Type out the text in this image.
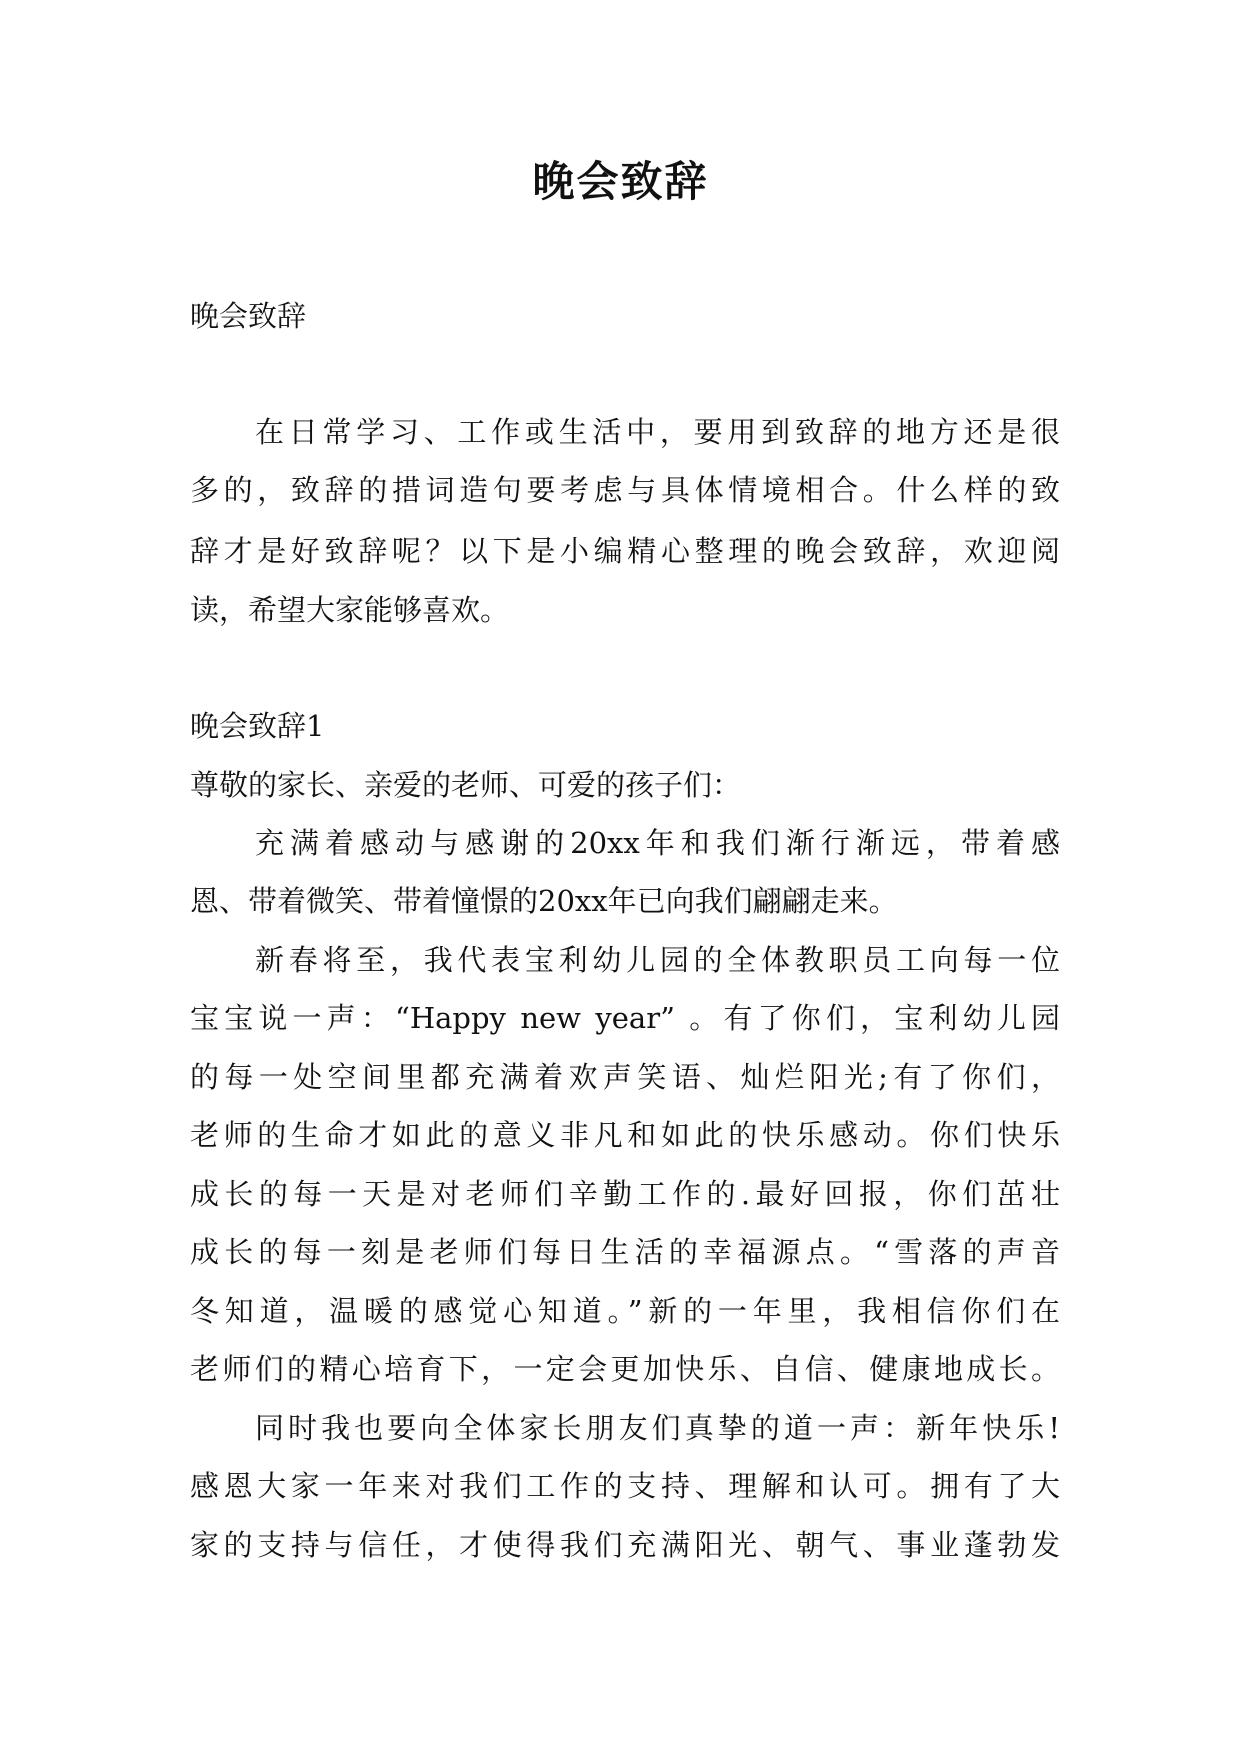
晚会致辞
晚会致辞
在日常学习、工作或生活中，要用到致辞的地方还是很
多的，致辞的措词造句要考虑与具体情境相合。什么样的致
辞才是好致辞呢？以下是小编精心整理的晚会致辞，欢迎阅
读，希望大家能够喜欢。
晚会致辞1
尊敬的家长、亲爱的老师、可爱的孩子们：
充满着感动与感谢的20xx年和我们渐行渐远，带着感
恩、带着微笑、带着憧憬的20xx年已向我们翩翩走来。
新春将至，我代表宝利幼儿园的全体教职员工向每一位
宝宝说一声：“Happy new year” 。有了你们，宝利幼儿园
的每一处空间里都充满着欢声笑语、灿烂阳光;有了你们，
老师的生命才如此的意义非凡和如此的快乐感动。你们快乐
成长的每一天是对老师们辛勤工作的.最好回报，你们茁壮
成长的每一刻是老师们每日生活的幸福源点。“雪落的声音
冬知道，温暖的感觉心知道。”新的一年里，我相信你们在
老师们的精心培育下，一定会更加快乐、自信、健康地成长。
同时我也要向全体家长朋友们真挚的道一声：新年快乐!
感恩大家一年来对我们工作的支持、理解和认可。拥有了大
家的支持与信任，才使得我们充满阳光、朝气、事业蓬勃发
